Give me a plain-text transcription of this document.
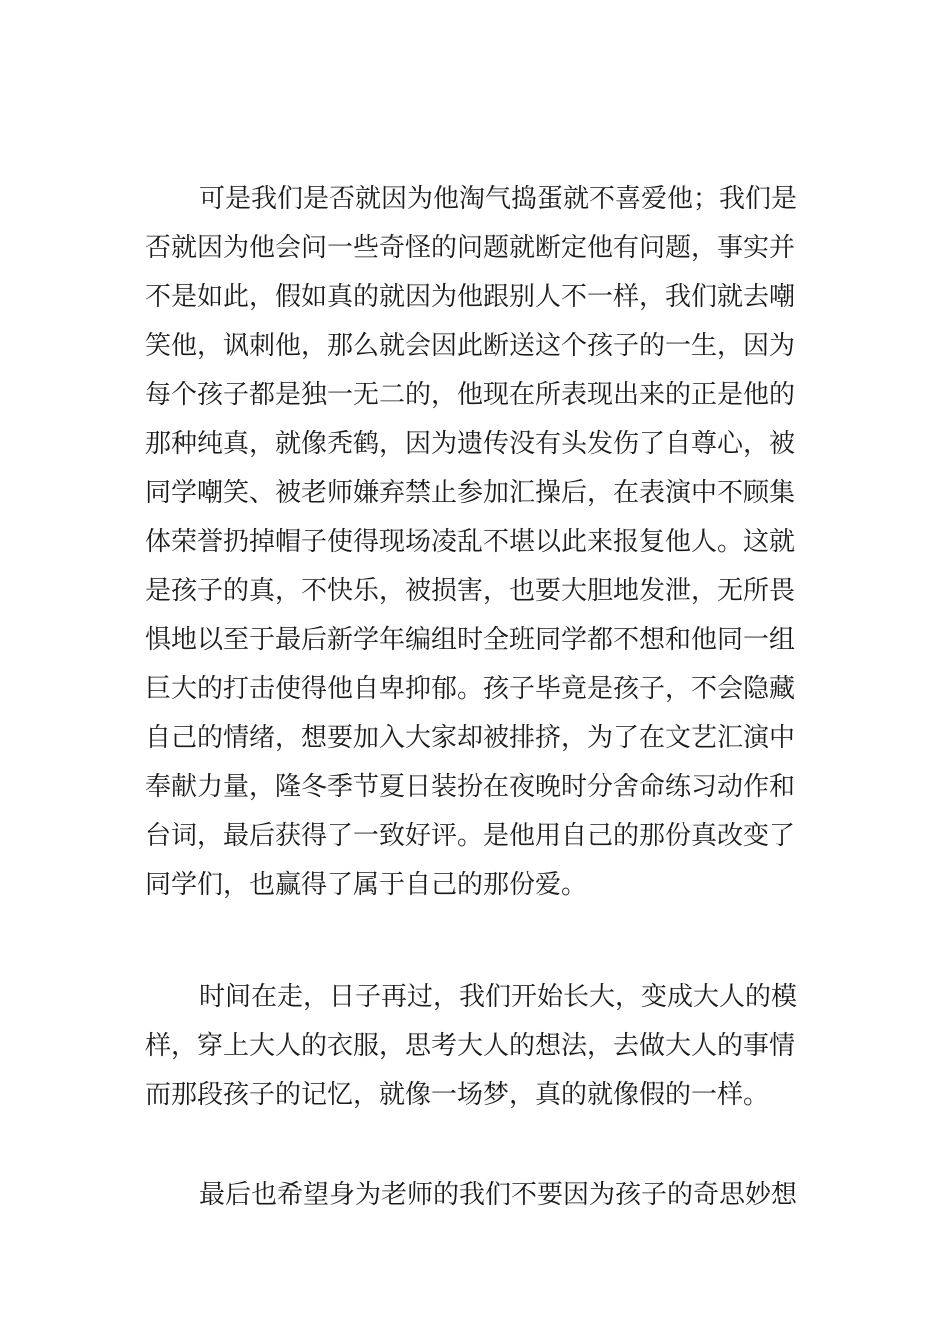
可是我们是否就因为他淘气捣蛋就不喜爱他；我们是
否就因为他会问一些奇怪的问题就断定他有问题，事实并
不是如此，假如真的就因为他跟别人不一样，我们就去嘲
笑他，讽刺他，那么就会因此断送这个孩子的一生，因为
每个孩子都是独一无二的，他现在所表现出来的正是他的
那种纯真，就像秃鹤，因为遗传没有头发伤了自尊心，被
同学嘲笑、被老师嫌弃禁止参加汇操后，在表演中不顾集
体荣誉扔掉帽子使得现场凌乱不堪以此来报复他人。这就
是孩子的真，不快乐，被损害，也要大胆地发泄，无所畏
惧地以至于最后新学年编组时全班同学都不想和他同一组
巨大的打击使得他自卑抑郁。孩子毕竟是孩子，不会隐藏
自己的情绪，想要加入大家却被排挤，为了在文艺汇演中
奉献力量，隆冬季节夏日装扮在夜晚时分舍命练习动作和
台词，最后获得了一致好评。是他用自己的那份真改变了
同学们，也赢得了属于自己的那份爱。

时间在走，日子再过，我们开始长大，变成大人的模
样，穿上大人的衣服，思考大人的想法，去做大人的事情
而那段孩子的记忆，就像一场梦，真的就像假的一样。

最后也希望身为老师的我们不要因为孩子的奇思妙想
